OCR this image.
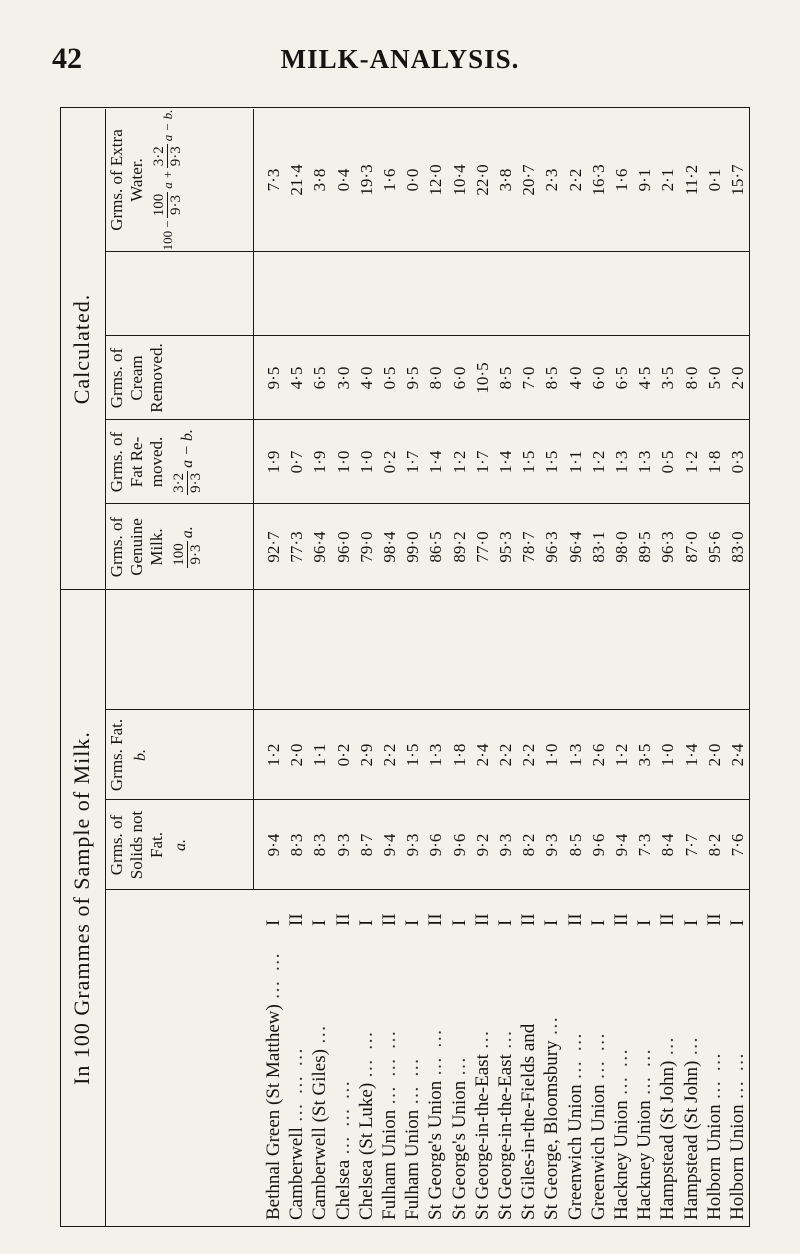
42	MILK-ANALYSIS.
In 100 Grammes of Sample of Milk.
Calculated.
Grms. of Solids not Fat. a.
Grms. Fat. b.
Grms. of Genuine Milk. 100 9·3
a.
Grms. of Fat Re-moved. 3·2 9·3
a − b.
Grms. of Cream Removed.
Grms. of Extra Water.
100 −
100 9·3
a +
3·2 9·3
a − b.
Bethnal Green (St Matthew) … …
I
Camberwell … … …
II
Camberwell (St Giles) …
I
Chelsea … … …
II
Chelsea (St Luke) … …
I
Fulham Union … … …
II
Fulham Union … …
I
St George's Union … …
II
St George's Union …
I
St George-in-the-East …
II
St George-in-the-East …
I
St Giles-in-the-Fields and
II
St George, Bloomsbury …
I
Greenwich Union … …
II
Greenwich Union … …
I
Hackney Union … …
II
Hackney Union … …
I
Hampstead (St John) …
II
Hampstead (St John) …
I
Holborn Union … …
II
Holborn Union … …
I
9·4 8·3 8·3 9·3 8·7 9·4 9·3 9·6 9·6 9·2 9·3 8·2 9·3 8·5 9·6 9·4 7·3 8·4 7·7 8·2 7·6
1·2 2·0 1·1 0·2 2·9 2·2 1·5 1·3 1·8 2·4 2·2 2·2 1·0 1·3 2·6 1·2 3·5 1·0 1·4 2·0 2·4
92·7 77·3 96·4 96·0 79·0 98·4 99·0 86·5 89·2 77·0 95·3 78·7 96·3 96·4 83·1 98·0 89·5 96·3 87·0 95·6 83·0
1·9 0·7 1·9 1·0 1·0 0·2 1·7 1·4 1·2 1·7 1·4 1·5 1·5 1·1 1·2 1·3 1·3 0·5 1·2 1·8 0·3
9·5 4·5 6·5 3·0 4·0 0·5 9·5 8·0 6·0 10·5 8·5 7·0 8·5 4·0 6·0 6·5 4·5 3·5 8·0 5·0 2·0
7·3 21·4 3·8 0·4 19·3 1·6 0·0 12·0 10·4 22·0 3·8 20·7 2·3 2·2 16·3 1·6 9·1 2·1 11·2 0·1 15·7
